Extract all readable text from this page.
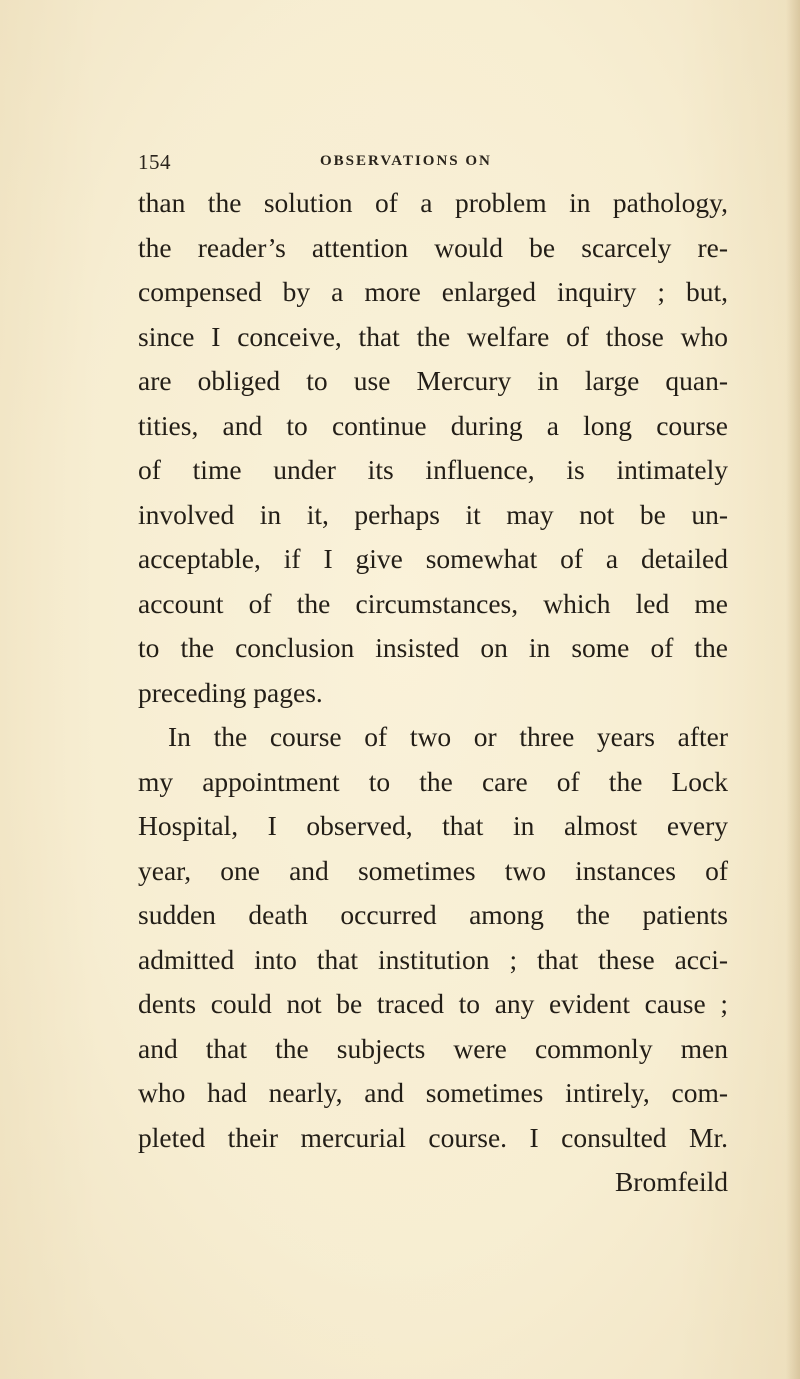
154	OBSERVATIONS ON
than the solution of a problem in pathology,
the reader’s attention would be scarcely re-
compensed by a more enlarged inquiry ; but,
since I conceive, that the welfare of those who
are obliged to use Mercury in large quan-
tities, and to continue during a long course
of time under its influence, is intimately
involved in it, perhaps it may not be un-
acceptable, if I give somewhat of a detailed
account of the circumstances, which led me
to the conclusion insisted on in some of the
preceding pages.
In the course of two or three years after
my appointment to the care of the Lock
Hospital, I observed, that in almost every
year, one and sometimes two instances of
sudden death occurred among the patients
admitted into that institution ; that these acci-
dents could not be traced to any evident cause ;
and that the subjects were commonly men
who had nearly, and sometimes intirely, com-
pleted their mercurial course. I consulted Mr.
Bromfeild
